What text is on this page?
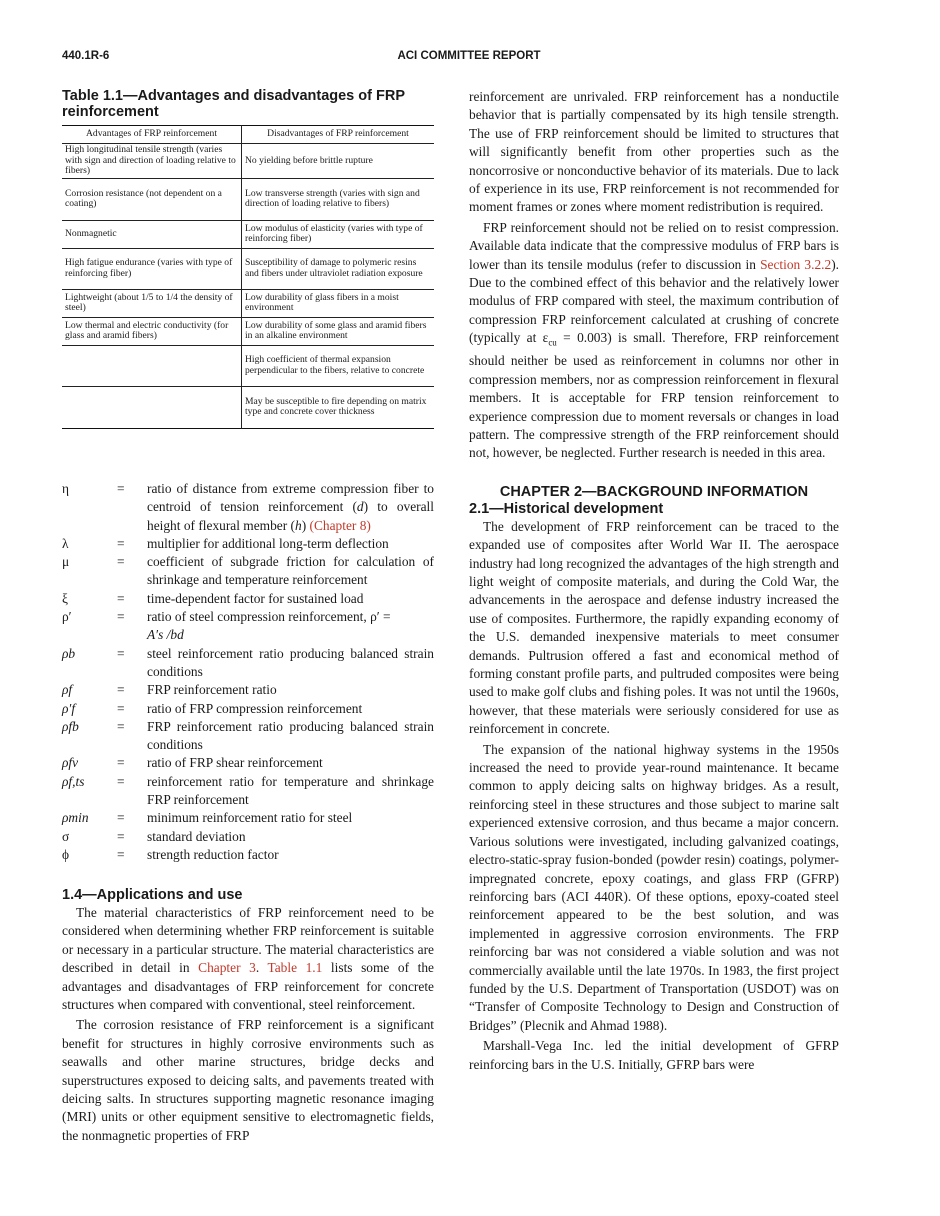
440.1R-6	ACI COMMITTEE REPORT
Table 1.1—Advantages and disadvantages of FRP reinforcement
Advantages of FRP reinforcement	Disadvantages of FRP reinforcement
High longitudinal tensile strength (varies with sign and direction of loading relative to fibers)	No yielding before brittle rupture
Corrosion resistance (not dependent on a coating)	Low transverse strength (varies with sign and direction of loading relative to fibers)
Nonmagnetic	Low modulus of elasticity (varies with type of reinforcing fiber)
High fatigue endurance (varies with type of reinforcing fiber)	Susceptibility of damage to polymeric resins and fibers under ultraviolet radiation exposure
Lightweight (about 1/5 to 1/4 the density of steel)	Low durability of glass fibers in a moist environment
Low thermal and electric conductivity (for glass and aramid fibers)	Low durability of some glass and aramid fibers in an alkaline environment
	High coefficient of thermal expansion perpendicular to the fibers, relative to concrete
	May be susceptible to fire depending on matrix type and concrete cover thickness
η	= ratio of distance from extreme compression fiber to centroid of tension reinforcement (d) to overall height of flexural member (h) (Chapter 8)
λ	= multiplier for additional long-term deflection
μ	= coefficient of subgrade friction for calculation of shrinkage and temperature reinforcement
ξ	= time-dependent factor for sustained load
ρ′	= ratio of steel compression reinforcement, ρ′ =
A′s /bd
ρb	= steel reinforcement ratio producing balanced strain conditions
ρf	= FRP reinforcement ratio
ρ′f	= ratio of FRP compression reinforcement
ρfb	= FRP reinforcement ratio producing balanced strain conditions
ρfv	= ratio of FRP shear reinforcement
ρf,ts = reinforcement ratio for temperature and shrinkage FRP reinforcement
ρmin = minimum reinforcement ratio for steel
σ	= standard deviation
ϕ	= strength reduction factor
1.4—Applications and use

The material characteristics of FRP reinforcement need to be considered when determining whether FRP reinforcement is suitable or necessary in a particular structure. The material characteristics are described in detail in Chapter 3. Table 1.1 lists some of the advantages and disadvantages of FRP reinforcement for concrete structures when compared with conventional, steel reinforcement.

The corrosion resistance of FRP reinforcement is a significant benefit for structures in highly corrosive environments such as seawalls and other marine structures, bridge decks and superstructures exposed to deicing salts, and pavements treated with deicing salts. In structures supporting magnetic resonance imaging (MRI) units or other equipment sensitive to electromagnetic fields, the nonmagnetic properties of FRP

reinforcement are unrivaled. FRP reinforcement has a nonductile behavior that is partially compensated by its high tensile strength. The use of FRP reinforcement should be limited to structures that will significantly benefit from other properties such as the noncorrosive or nonconductive behavior of its materials. Due to lack of experience in its use, FRP reinforcement is not recommended for moment frames or zones where moment redistribution is required.

FRP reinforcement should not be relied on to resist compression. Available data indicate that the compressive modulus of FRP bars is lower than its tensile modulus (refer to discussion in Section 3.2.2). Due to the combined effect of this behavior and the relatively lower modulus of FRP compared with steel, the maximum contribution of compression FRP reinforcement calculated at crushing of concrete (typically at $\varepsilon_{cu} = 0.003$) is small. Therefore, FRP reinforcement should neither be used as reinforcement in columns nor other in compression members, nor as compression reinforcement in flexural members. It is acceptable for FRP tension reinforcement to experience compression due to moment reversals or changes in load pattern. The compressive strength of the FRP reinforcement should not, however, be neglected. Further research is needed in this area.

CHAPTER 2—BACKGROUND INFORMATION
2.1—Historical development

The development of FRP reinforcement can be traced to the expanded use of composites after World War II. The aerospace industry had long recognized the advantages of the high strength and light weight of composite materials, and during the Cold War, the advancements in the aerospace and defense industry increased the use of composites. Furthermore, the rapidly expanding economy of the U.S. demanded inexpensive materials to meet consumer demands. Pultrusion offered a fast and economical method of forming constant profile parts, and pultruded composites were being used to make golf clubs and fishing poles. It was not until the 1960s, however, that these materials were seriously considered for use as reinforcement in concrete.

The expansion of the national highway systems in the 1950s increased the need to provide year-round maintenance. It became common to apply deicing salts on highway bridges. As a result, reinforcing steel in these structures and those subject to marine salt experienced extensive corrosion, and thus became a major concern. Various solutions were investigated, including galvanized coatings, electro-static-spray fusion-bonded (powder resin) coatings, polymer-impregnated concrete, epoxy coatings, and glass FRP (GFRP) reinforcing bars (ACI 440R). Of these options, epoxy-coated steel reinforcement appeared to be the best solution, and was implemented in aggressive corrosion environments. The FRP reinforcing bar was not considered a viable solution and was not commercially available until the late 1970s. In 1983, the first project funded by the U.S. Department of Transportation (USDOT) was on “Transfer of Composite Technology to Design and Construction of Bridges” (Plecnik and Ahmad 1988).

Marshall-Vega Inc. led the initial development of GFRP reinforcing bars in the U.S. Initially, GFRP bars were
